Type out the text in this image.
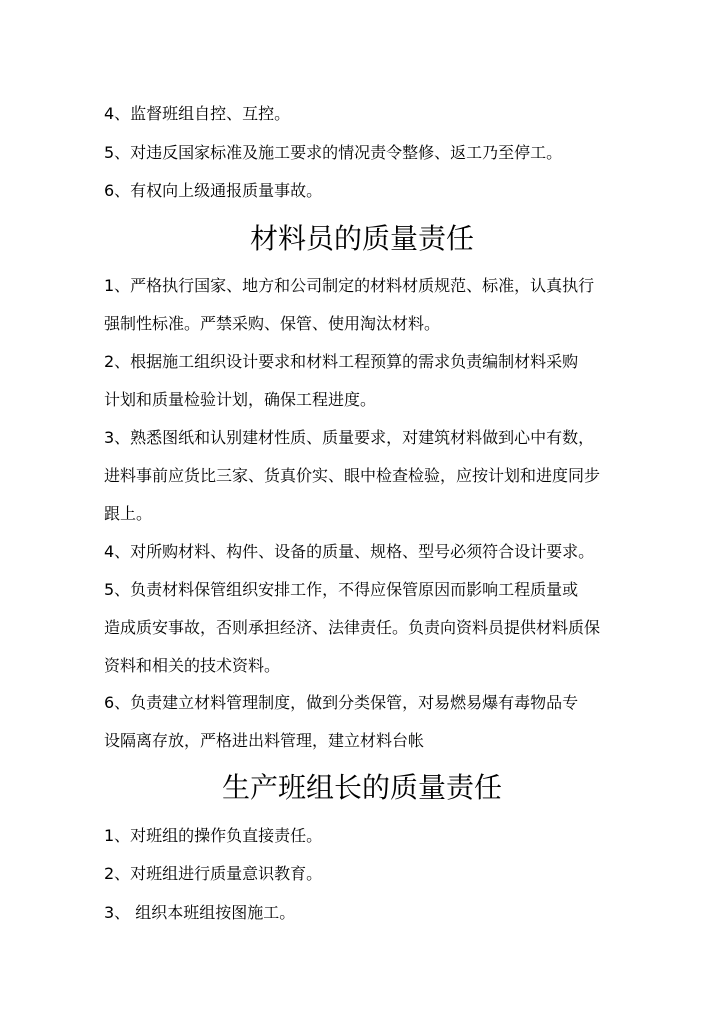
4、监督班组自控、互控。
5、对违反国家标准及施工要求的情况责令整修、返工乃至停工。
6、有权向上级通报质量事故。
材料员的质量责任
1、严格执行国家、地方和公司制定的材料材质规范、标准，认真执行
强制性标准。严禁采购、保管、使用淘汰材料。
2、根据施工组织设计要求和材料工程预算的需求负责编制材料采购
计划和质量检验计划，确保工程进度。
3、熟悉图纸和认别建材性质、质量要求，对建筑材料做到心中有数，
进料事前应货比三家、货真价实、眼中检查检验，应按计划和进度同步
跟上。
4、对所购材料、构件、设备的质量、规格、型号必须符合设计要求。
5、负责材料保管组织安排工作，不得应保管原因而影响工程质量或
造成质安事故，否则承担经济、法律责任。负责向资料员提供材料质保
资料和相关的技术资料。
6、负责建立材料管理制度，做到分类保管，对易燃易爆有毒物品专
设隔离存放，严格进出料管理，建立材料台帐
生产班组长的质量责任
1、对班组的操作负直接责任。
2、对班组进行质量意识教育。
3、 组织本班组按图施工。
